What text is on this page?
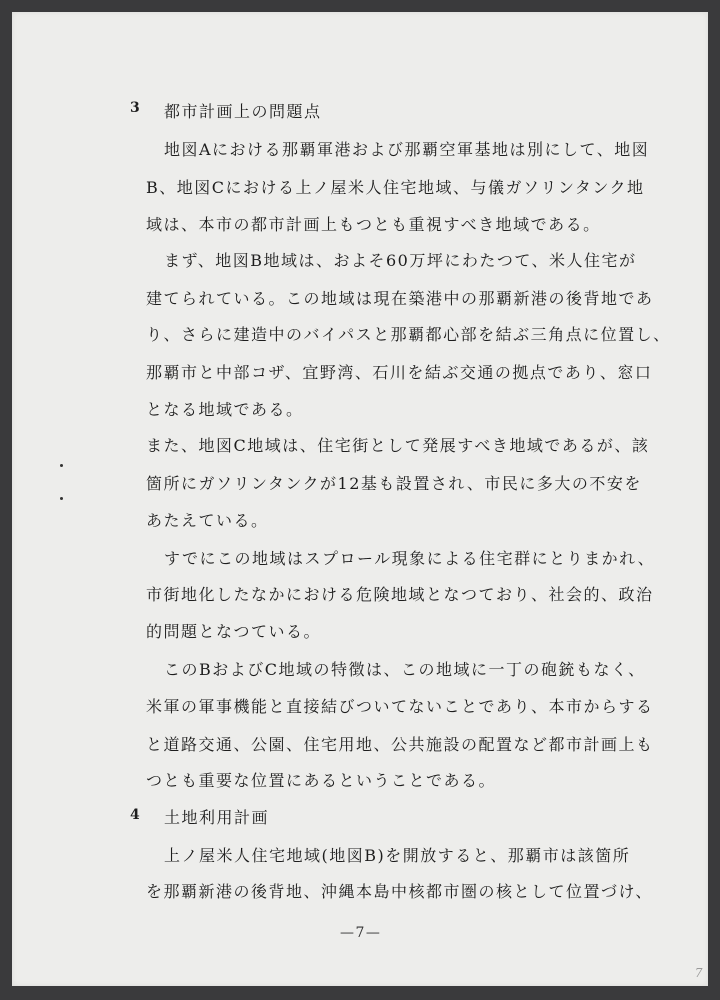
3 都市計画上の問題点
地図Aにおける那覇軍港および那覇空軍基地は別にして、地図
B、地図Cにおける上ノ屋米人住宅地域、与儀ガソリンタンク地
域は、本市の都市計画上もつとも重視すべき地域である。
まず、地図B地域は、およそ60万坪にわたつて、米人住宅が
建てられている。この地域は現在築港中の那覇新港の後背地であ
り、さらに建造中のバイパスと那覇都心部を結ぶ三角点に位置し、
那覇市と中部コザ、宜野湾、石川を結ぶ交通の拠点であり、窓口
となる地域である。
また、地図C地域は、住宅街として発展すべき地域であるが、該
箇所にガソリンタンクが12基も設置され、市民に多大の不安を
あたえている。
すでにこの地域はスプロール現象による住宅群にとりまかれ、
市街地化したなかにおける危険地域となつており、社会的、政治
的問題となつている。
このBおよびC地域の特徴は、この地域に一丁の砲銃もなく、
米軍の軍事機能と直接結びついてないことであり、本市からする
と道路交通、公園、住宅用地、公共施設の配置など都市計画上も
つとも重要な位置にあるということである。
4 土地利用計画
上ノ屋米人住宅地域(地図B)を開放すると、那覇市は該箇所
を那覇新港の後背地、沖縄本島中核都市圏の核として位置づけ、
—7—
7
